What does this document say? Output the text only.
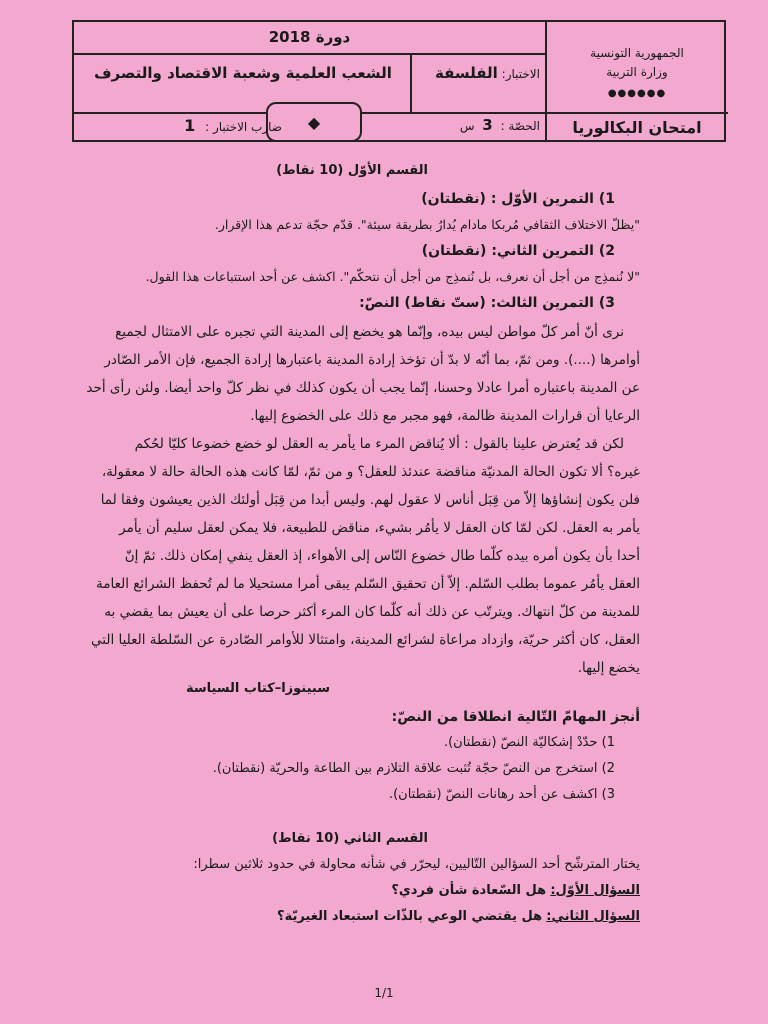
دورة 2018
الشعب العلمية وشعبة الاقتصاد والتصرف	الاختبار: الفلسفة
الحصّة : 3 س
◆
ضارب الاختبار : 1
الجمهورية التونسية
وزارة التربية
●●●●●●
امتحان البكالوريا
القسم الأوّل (10 نقاط)
1) التمرين الأوّل : (نقطتان)
"يظلّ الاختلاف الثقافي مُربكا مادام يُدارُ بطريقة سيئة". قدّم حجّة تدعم هذا الإقرار.
2) التمرين الثاني: (نقطتان)
"لا نُنمذِج من أجل أن نعرف، بل نُنمذِج من أجل أن نتحكّم". اكشف عن أحد استتباعات هذا القول.
3) التمرين الثالث: (ستّ نقاط) النصّ:
نرى أنّ أمر كلّ مواطن ليس بيده، وإنّما هو يخضع إلى المدينة التي تجبره على الامتثال لجميع
أوامرها (....). ومن ثمّ، بما أنّه لا بدّ أن تؤخذ إرادة المدينة باعتبارها إرادة الجميع، فإن الأمر الصّادر
عن المدينة باعتباره أمرا عادلا وحسنا، إنّما يجب أن يكون كذلك في نظر كلّ واحد أيضا. ولئن رأى أحد
الرعايا أن قرارات المدينة ظالمة، فهو مجبر مع ذلك على الخضوع إليها.
لكن قد يُعترض علينا بالقول : ألا يُناقض المرء ما يأمر به العقل لو خضع خضوعا كليّا لحُكم
غيره؟ ألا تكون الحالة المدنيّة مناقضة عندئذ للعقل؟ و من ثمّ، لمّا كانت هذه الحالة حالة لا معقولة،
فلن يكون إنشاؤها إلاّ من قِبَل أناس لا عقول لهم. وليس أبدا من قِبَل أولئك الذين يعيشون وفقا لما
يأمر به العقل. لكن لمّا كان العقل لا يأمُر بشيء، مناقض للطبيعة، فلا يمكن لعقل سليم أن يأمر
أحدا بأن يكون أمره بيده كلّما طال خضوع النّاس إلى الأهواء، إذ العقل ينفي إمكان ذلك. ثمّ إنّ
العقل يأمُر عموما بطلب السّلم. إلاّ أن تحقيق السّلم يبقى أمرا مستحيلا ما لم تُحفظ الشرائع العامة
للمدينة من كلّ انتهاك. ويترتّب عن ذلك أنه كلّما كان المرء أكثر حرصا على أن يعيش بما يقضي به
العقل، كان أكثر حريّة، وازداد مراعاة لشرائع المدينة، وامتثالا للأوامر الصّادرة عن السّلطة العليا التي
يخضع إليها.
سبينوزا–كتاب السياسة
أنجز المهامّ التّالية انطلاقا من النصّ:
1) حدّدْ إشكاليّة النصّ (نقطتان).
2) استخرج من النصّ حجّة تُثبت علاقة التلازم بين الطاعة والحريّة (نقطتان).
3) اكشف عن أحد رهانات النصّ (نقطتان).
القسم الثاني (10 نقاط)
يختار المترشّح أحد السؤالين التّاليين، ليحرّر في شأنه محاولة في حدود ثلاثين سطرا:
السؤال الأوّل: هل السّعادة شأن فردي؟
السؤال الثاني: هل يقتضي الوعي بالذّات استبعاد الغيريّة؟
1/1
